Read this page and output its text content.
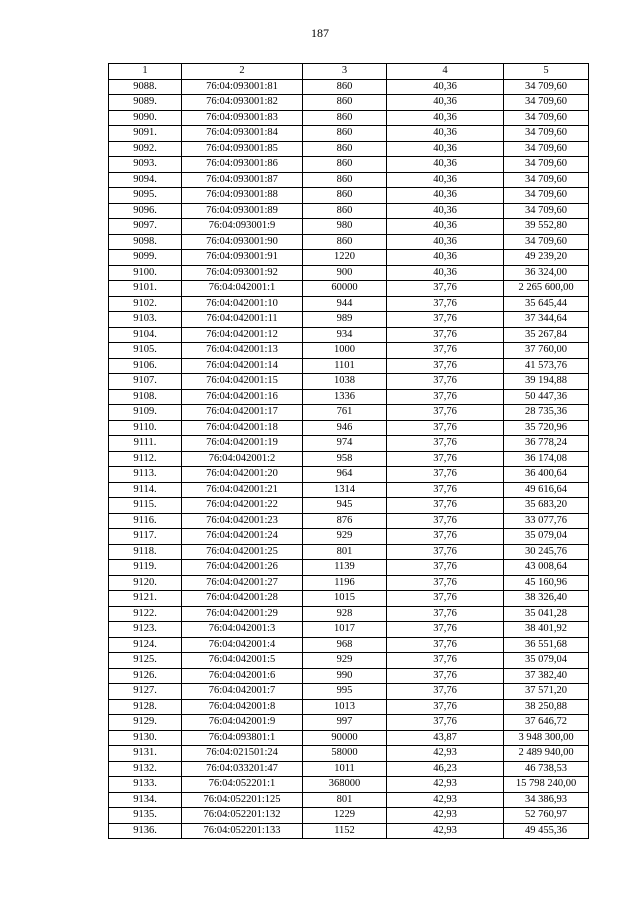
187
1	2	3	4	5
9088.	76:04:093001:81	860	40,36	34 709,60
9089.	76:04:093001:82	860	40,36	34 709,60
9090.	76:04:093001:83	860	40,36	34 709,60
9091.	76:04:093001:84	860	40,36	34 709,60
9092.	76:04:093001:85	860	40,36	34 709,60
9093.	76:04:093001:86	860	40,36	34 709,60
9094.	76:04:093001:87	860	40,36	34 709,60
9095.	76:04:093001:88	860	40,36	34 709,60
9096.	76:04:093001:89	860	40,36	34 709,60
9097.	76:04:093001:9	980	40,36	39 552,80
9098.	76:04:093001:90	860	40,36	34 709,60
9099.	76:04:093001:91	1220	40,36	49 239,20
9100.	76:04:093001:92	900	40,36	36 324,00
9101.	76:04:042001:1	60000	37,76	2 265 600,00
9102.	76:04:042001:10	944	37,76	35 645,44
9103.	76:04:042001:11	989	37,76	37 344,64
9104.	76:04:042001:12	934	37,76	35 267,84
9105.	76:04:042001:13	1000	37,76	37 760,00
9106.	76:04:042001:14	1101	37,76	41 573,76
9107.	76:04:042001:15	1038	37,76	39 194,88
9108.	76:04:042001:16	1336	37,76	50 447,36
9109.	76:04:042001:17	761	37,76	28 735,36
9110.	76:04:042001:18	946	37,76	35 720,96
9111.	76:04:042001:19	974	37,76	36 778,24
9112.	76:04:042001:2	958	37,76	36 174,08
9113.	76:04:042001:20	964	37,76	36 400,64
9114.	76:04:042001:21	1314	37,76	49 616,64
9115.	76:04:042001:22	945	37,76	35 683,20
9116.	76:04:042001:23	876	37,76	33 077,76
9117.	76:04:042001:24	929	37,76	35 079,04
9118.	76:04:042001:25	801	37,76	30 245,76
9119.	76:04:042001:26	1139	37,76	43 008,64
9120.	76:04:042001:27	1196	37,76	45 160,96
9121.	76:04:042001:28	1015	37,76	38 326,40
9122.	76:04:042001:29	928	37,76	35 041,28
9123.	76:04:042001:3	1017	37,76	38 401,92
9124.	76:04:042001:4	968	37,76	36 551,68
9125.	76:04:042001:5	929	37,76	35 079,04
9126.	76:04:042001:6	990	37,76	37 382,40
9127.	76:04:042001:7	995	37,76	37 571,20
9128.	76:04:042001:8	1013	37,76	38 250,88
9129.	76:04:042001:9	997	37,76	37 646,72
9130.	76:04:093801:1	90000	43,87	3 948 300,00
9131.	76:04:021501:24	58000	42,93	2 489 940,00
9132.	76:04:033201:47	1011	46,23	46 738,53
9133.	76:04:052201:1	368000	42,93	15 798 240,00
9134.	76:04:052201:125	801	42,93	34 386,93
9135.	76:04:052201:132	1229	42,93	52 760,97
9136.	76:04:052201:133	1152	42,93	49 455,36
